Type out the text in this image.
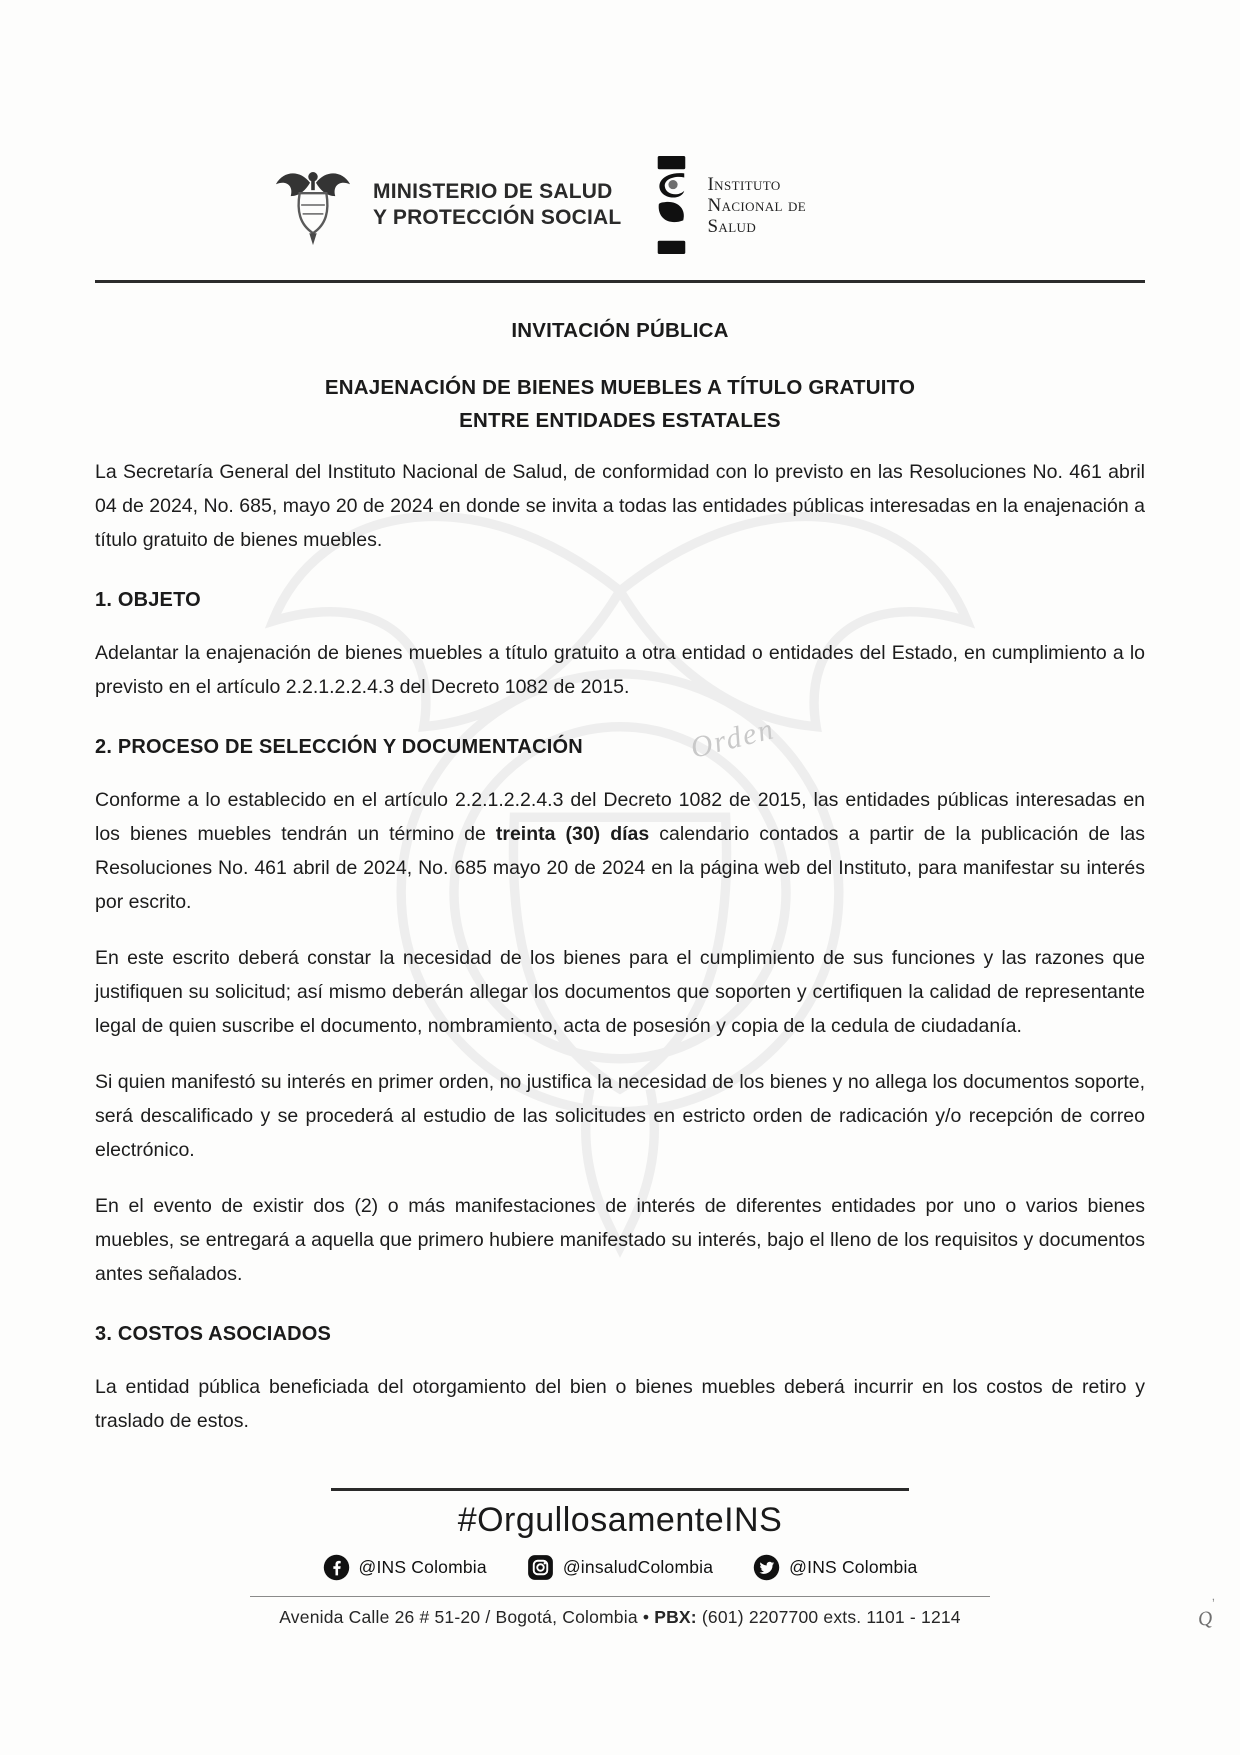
Orden
MINISTERIO DE SALUD
Y PROTECCIÓN SOCIAL
Instituto
Nacional de
Salud
INVITACIÓN PÚBLICA
ENAJENACIÓN DE BIENES MUEBLES A TÍTULO GRATUITO
ENTRE ENTIDADES ESTATALES

La Secretaría General del Instituto Nacional de Salud, de conformidad con lo previsto en las Resoluciones No. 461 abril 04 de 2024, No. 685, mayo 20 de 2024 en donde se invita a todas las entidades públicas interesadas en la enajenación a título gratuito de bienes muebles.

1. OBJETO

Adelantar la enajenación de bienes muebles a título gratuito a otra entidad o entidades del Estado, en cumplimiento a lo previsto en el artículo 2.2.1.2.2.4.3 del Decreto 1082 de 2015.

2. PROCESO DE SELECCIÓN Y DOCUMENTACIÓN

Conforme a lo establecido en el artículo 2.2.1.2.2.4.3 del Decreto 1082 de 2015, las entidades públicas interesadas en los bienes muebles tendrán un término de treinta (30) días calendario contados a partir de la publicación de las Resoluciones No. 461 abril de 2024, No. 685 mayo 20 de 2024 en la página web del Instituto, para manifestar su interés por escrito.

En este escrito deberá constar la necesidad de los bienes para el cumplimiento de sus funciones y las razones que justifiquen su solicitud; así mismo deberán allegar los documentos que soporten y certifiquen la calidad de representante legal de quien suscribe el documento, nombramiento, acta de posesión y copia de la cedula de ciudadanía.

Si quien manifestó su interés en primer orden, no justifica la necesidad de los bienes y no allega los documentos soporte, será descalificado y se procederá al estudio de las solicitudes en estricto orden de radicación y/o recepción de correo electrónico.

En el evento de existir dos (2) o más manifestaciones de interés de diferentes entidades por uno o varios bienes muebles, se entregará a aquella que primero hubiere manifestado su interés, bajo el lleno de los requisitos y documentos antes señalados.

3. COSTOS ASOCIADOS

La entidad pública beneficiada del otorgamiento del bien o bienes muebles deberá incurrir en los costos de retiro y traslado de estos.

#OrgullosamenteINS
@INS Colombia	@insaludColombia	@INS Colombia
Avenida Calle 26 # 51-20 / Bogotá, Colombia • PBX: (601) 2207700 exts. 1101 - 1214
ʼ
Q
